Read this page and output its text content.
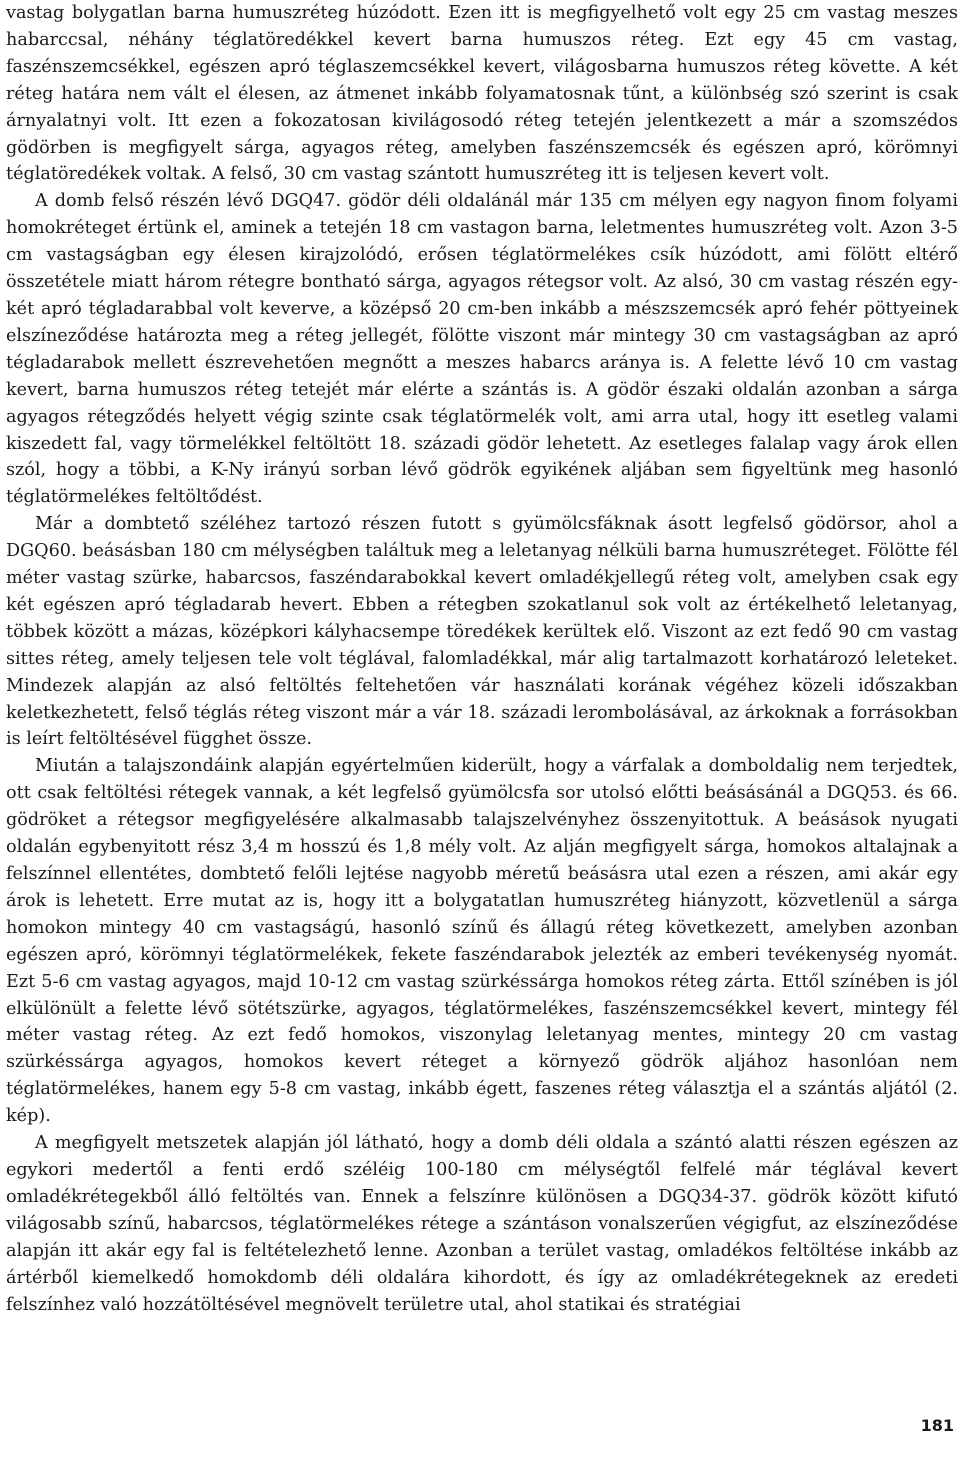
vastag bolygatlan barna humuszréteg húzódott. Ezen itt is megfigyelhető volt egy 25 cm vastag meszes habarccsal, néhány téglatöredékkel kevert barna humuszos réteg. Ezt egy 45 cm vastag, faszénszemcsékkel, egészen apró téglaszemcsékkel kevert, világosbarna humuszos réteg követte. A két réteg határa nem vált el élesen, az átmenet inkább folyamatosnak tűnt, a különbség szó szerint is csak árnyalatnyi volt. Itt ezen a fokozatosan kivilágosodó réteg tetején jelentkezett a már a szomszédos gödörben is megfigyelt sárga, agyagos réteg, amelyben faszénszemcsék és egészen apró, körömnyi téglatöredékek voltak. A felső, 30 cm vastag szántott humuszréteg itt is teljesen kevert volt.

A domb felső részén lévő DGQ47. gödör déli oldalánál már 135 cm mélyen egy nagyon finom folyami homokréteget értünk el, aminek a tetején 18 cm vastagon barna, leletmentes humuszréteg volt. Azon 3-5 cm vastagságban egy élesen kirajzolódó, erősen téglatörmelékes csík húzódott, ami fölött eltérő összetétele miatt három rétegre bontható sárga, agyagos rétegsor volt. Az alsó, 30 cm vastag részén egy-két apró tégladarabbal volt keverve, a középső 20 cm-ben inkább a mészszemcsék apró fehér pöttyeinek elszíneződése határozta meg a réteg jellegét, fölötte viszont már mintegy 30 cm vastagságban az apró tégladarabok mellett észrevehetően megnőtt a meszes habarcs aránya is. A felette lévő 10 cm vastag kevert, barna humuszos réteg tetejét már elérte a szántás is. A gödör északi oldalán azonban a sárga agyagos rétegződés helyett végig szinte csak téglatörmelék volt, ami arra utal, hogy itt esetleg valami kiszedett fal, vagy törmelékkel feltöltött 18. századi gödör lehetett. Az esetleges falalap vagy árok ellen szól, hogy a többi, a K-Ny irányú sorban lévő gödrök egyikének aljában sem figyeltünk meg hasonló téglatörmelékes feltöltődést.

Már a dombtető széléhez tartozó részen futott s gyümölcsfáknak ásott legfelső gödörsor, ahol a DGQ60. beásásban 180 cm mélységben találtuk meg a leletanyag nélküli barna humuszréteget. Fölötte fél méter vastag szürke, habarcsos, faszéndarabokkal kevert omladékjellegű réteg volt, amelyben csak egy két egészen apró tégladarab hevert. Ebben a rétegben szokatlanul sok volt az értékelhető leletanyag, többek között a mázas, középkori kályhacsempe töredékek kerültek elő. Viszont az ezt fedő 90 cm vastag sittes réteg, amely teljesen tele volt téglával, falomladékkal, már alig tartalmazott korhatározó leleteket. Mindezek alapján az alsó feltöltés feltehetően vár használati korának végéhez közeli időszakban keletkezhetett, felső téglás réteg viszont már a vár 18. századi lerombolásával, az árkoknak a forrásokban is leírt feltöltésével függhet össze.

Miután a talajszondáink alapján egyértelműen kiderült, hogy a várfalak a domboldalig nem terjedtek, ott csak feltöltési rétegek vannak, a két legfelső gyümölcsfa sor utolsó előtti beásásánál a DGQ53. és 66. gödröket a rétegsor megfigyelésére alkalmasabb talajszelvényhez összenyitottuk. A beásások nyugati oldalán egybenyitott rész 3,4 m hosszú és 1,8 mély volt. Az alján megfigyelt sárga, homokos altalajnak a felszínnel ellentétes, dombtető felőli lejtése nagyobb méretű beásásra utal ezen a részen, ami akár egy árok is lehetett. Erre mutat az is, hogy itt a bolygatatlan humuszréteg hiányzott, közvetlenül a sárga homokon mintegy 40 cm vastagságú, hasonló színű és állagú réteg következett, amelyben azonban egészen apró, körömnyi téglatörmelékek, fekete faszéndarabok jelezték az emberi tevékenység nyomát. Ezt 5-6 cm vastag agyagos, majd 10-12 cm vastag szürkéssárga homokos réteg zárta. Ettől színében is jól elkülönült a felette lévő sötétszürke, agyagos, téglatörmelékes, faszénszemcsékkel kevert, mintegy fél méter vastag réteg. Az ezt fedő homokos, viszonylag leletanyag mentes, mintegy 20 cm vastag szürkéssárga agyagos, homokos kevert réteget a környező gödrök aljához hasonlóan nem téglatörmelékes, hanem egy 5-8 cm vastag, inkább égett, faszenes réteg választja el a szántás aljától (2. kép).

A megfigyelt metszetek alapján jól látható, hogy a domb déli oldala a szántó alatti részen egészen az egykori medertől a fenti erdő széléig 100-180 cm mélységtől felfelé már téglával kevert omladékrétegekből álló feltöltés van. Ennek a felszínre különösen a DGQ34-37. gödrök között kifutó világosabb színű, habarcsos, téglatörmelékes rétege a szántáson vonalszerűen végigfut, az elszíneződése alapján itt akár egy fal is feltételezhető lenne. Azonban a terület vastag, omladékos feltöltése inkább az ártérből kiemelkedő homokdomb déli oldalára kihordott, és így az omladékrétegeknek az eredeti felszínhez való hozzátöltésével megnövelt területre utal, ahol statikai és stratégiai

181
